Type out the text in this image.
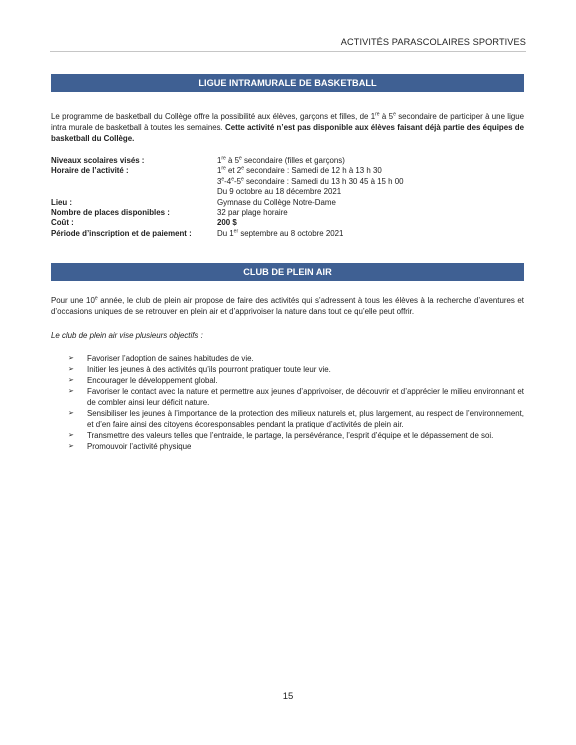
ACTIVITÉS PARASCOLAIRES SPORTIVES
LIGUE INTRAMURALE DE BASKETBALL
Le programme de basketball du Collège offre la possibilité aux élèves, garçons et filles, de 1re à 5e secondaire de participer à une ligue intra murale de basketball à toutes les semaines. Cette activité n’est pas disponible aux élèves faisant déjà partie des équipes de basketball du Collège.
Niveaux scolaires visés :	1re à 5e secondaire (filles et garçons)
Horaire de l’activité :	1re et 2e secondaire : Samedi de 12 h à 13 h 30
3e-4e-5e secondaire : Samedi du 13 h 30 45 à 15 h 00
Du 9 octobre au 18 décembre 2021
Lieu :	Gymnase du Collège Notre-Dame
Nombre de places disponibles :	32 par plage horaire
Coût :	200 $
Période d’inscription et de paiement :	Du 1er septembre au 8 octobre 2021
CLUB DE PLEIN AIR
Pour une 10e année, le club de plein air propose de faire des activités qui s’adressent à tous les élèves à la recherche d’aventures et d’occasions uniques de se retrouver en plein air et d’apprivoiser la nature dans tout ce qu’elle peut offrir.
Le club de plein air vise plusieurs objectifs :
➢	Favoriser l’adoption de saines habitudes de vie.
➢	Initier les jeunes à des activités qu’ils pourront pratiquer toute leur vie.
➢	Encourager le développement global.
➢	Favoriser le contact avec la nature et permettre aux jeunes d’apprivoiser, de découvrir et d’apprécier le milieu environnant et de combler ainsi leur déficit nature.
➢	Sensibiliser les jeunes à l’importance de la protection des milieux naturels et, plus largement, au respect de l’environnement, et d’en faire ainsi des citoyens écoresponsables pendant la pratique d’activités de plein air.
➢	Transmettre des valeurs telles que l’entraide, le partage, la persévérance, l’esprit d’équipe et le dépassement de soi.
➢	Promouvoir l’activité physique
15
